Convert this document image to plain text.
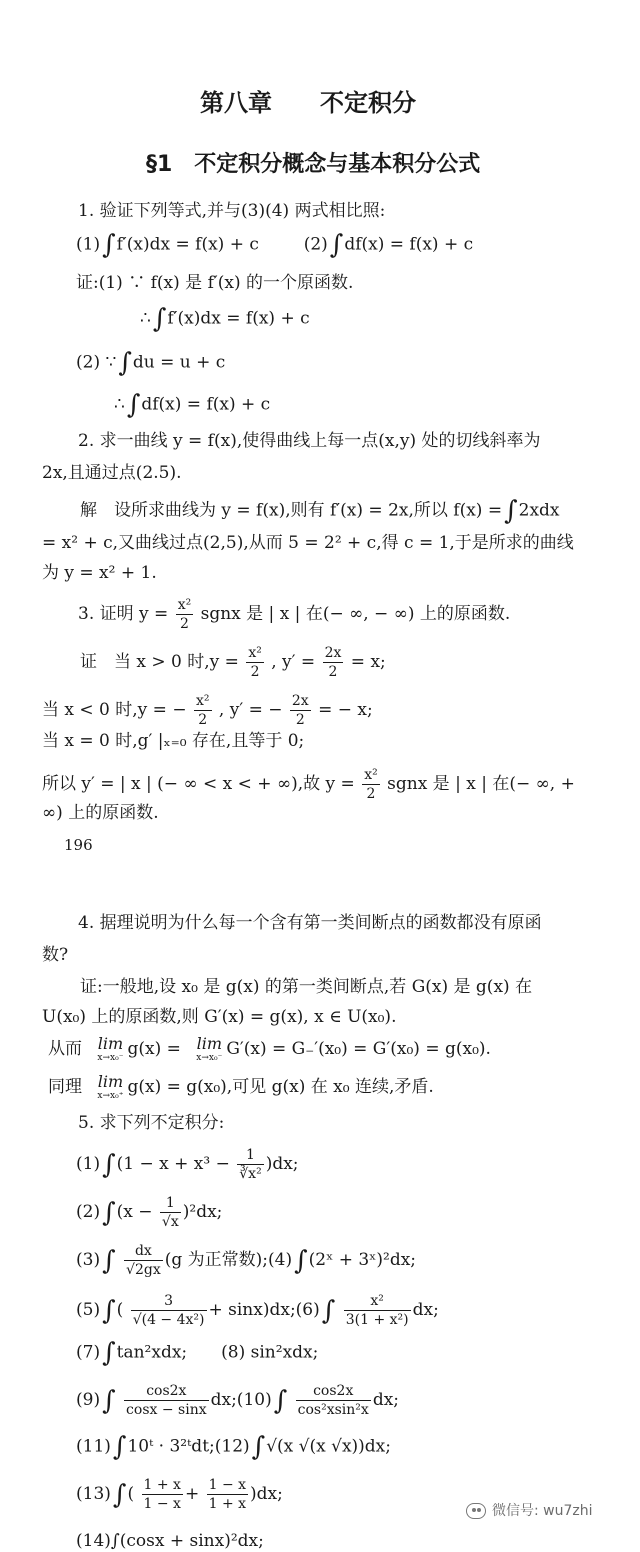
第八章　　不定积分
§1　不定积分概念与基本积分公式
1. 验证下列等式,并与(3)(4) 两式相比照:
(1)∫f′(x)dx = f(x) + c	(2)∫df(x) = f(x) + c
证:(1) ∵ f(x) 是 f′(x) 的一个原函数.
∴∫f′(x)dx = f(x) + c
(2) ∵∫du = u + c
∴∫df(x) = f(x) + c
2. 求一曲线 y = f(x),使得曲线上每一点(x,y) 处的切线斜率为
2x,且通过点(2.5).
解　设所求曲线为 y = f(x),则有 f′(x) = 2x,所以 f(x) =∫2xdx
= x² + c,又曲线过点(2,5),从而 5 = 2² + c,得 c = 1,于是所求的曲线
为 y = x² + 1.
3. 证明 $y = \frac{\text{x²}}{2}$ sgnx 是 | x | 在(− ∞, − ∞) 上的原函数.
证　当 x > 0 时$,y = \frac{\text{x²}}{2}$ , $y' = \frac{2x}{2} = x$;
当 x < 0 时,y = − $\frac{\text{x²}}{2}$ , y′ = − $\frac{2x}{2}$ = − x;
当 x = 0 时,g′ |ₓ₌₀ 存在,且等于 0;
所以 y′ = | x | (− ∞ < x < + ∞),故 $y = \frac{\text{x²}}{2}$ sgnx 是 | x | 在(− ∞, +
∞) 上的原函数.
196
4. 据理说明为什么每一个含有第一类间断点的函数都没有原函
数?
证:一般地,设 x₀ 是 g(x) 的第一类间断点,若 G(x) 是 g(x) 在
U(x₀) 上的原函数,则 G′(x) = g(x), x ∈ U(x₀).
从而 lim
x→x₀⁻ g(x) = lim
x→x₀⁻ G′(x) = G₋′(x₀) = G′(x₀) = g(x₀).
同理 lim
x→x₀⁺ g(x) = g(x₀),可见 g(x) 在 x₀ 连续,矛盾.
5. 求下列不定积分:
$(1)\int(1 - x + x^3 - \frac{1}{\text{∛x²}} )dx$;
$(2)\int(x - \frac{1}{√x} )^2dx$;
$(3)\int \frac{dx}{√2gx} (g$ 为正常数);(4)∫(2ˣ + 3ˣ)²dx;
$(5)\int( \frac{3}{\text{√(4 − 4x²)}}$ + sinx)dx;(6)∫ $\frac{\text{x²}}{\text{3(1 + x²)}}$ dx;
(7)∫tan²xdx;　　(8) sin²xdx;
$(9)\int \frac{\cos 2x}{\cos x - \sin x}$ dx;(10)∫ $\frac{\cos 2x}{\text{cos²xsin²x}}$ dx;
(11)∫10ᵗ · 3²ᵗdt;(12)∫√(x √(x √x))dx;
$(13)\int( \frac{1 + x}{1 - x} + \frac{1 - x}{1 + x} )dx$;
(14)∫(cosx + sinx)²dx;
微信号: wu7zhi
